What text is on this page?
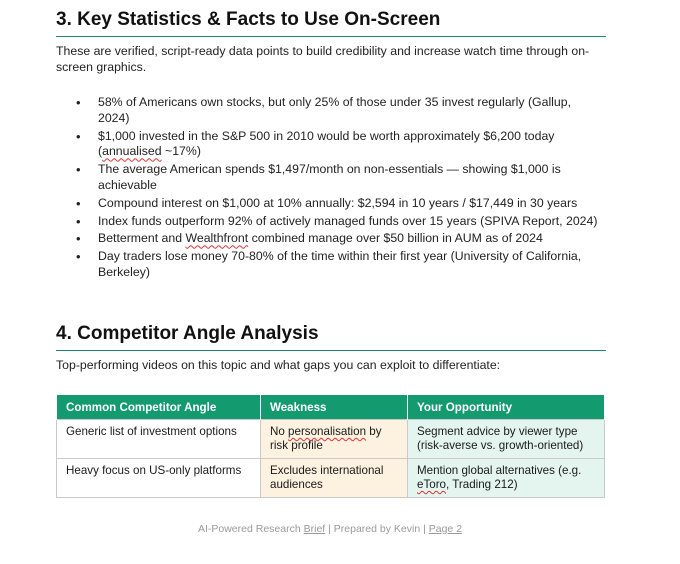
3. Key Statistics & Facts to Use On-Screen

These are verified, script-ready data points to build credibility and increase watch time through on-screen graphics.

• 58% of Americans own stocks, but only 25% of those under 35 invest regularly (Gallup, 2024)
• $1,000 invested in the S&P 500 in 2010 would be worth approximately $6,200 today (annualised ~17%)
• The average American spends $1,497/month on non-essentials — showing $1,000 is achievable
• Compound interest on $1,000 at 10% annually: $2,594 in 10 years / $17,449 in 30 years
• Index funds outperform 92% of actively managed funds over 15 years (SPIVA Report, 2024)
• Betterment and Wealthfront combined manage over $50 billion in AUM as of 2024
• Day traders lose money 70-80% of the time within their first year (University of California, Berkeley)
4. Competitor Angle Analysis

Top-performing videos on this topic and what gaps you can exploit to differentiate:

Common Competitor Angle	Weakness	Your Opportunity
Generic list of investment options	No personalisation by risk profile	Segment advice by viewer type (risk-averse vs. growth-oriented)
Heavy focus on US-only platforms	Excludes international audiences	Mention global alternatives (e.g. eToro, Trading 212)
AI-Powered Research Brief | Prepared by Kevin | Page 2
